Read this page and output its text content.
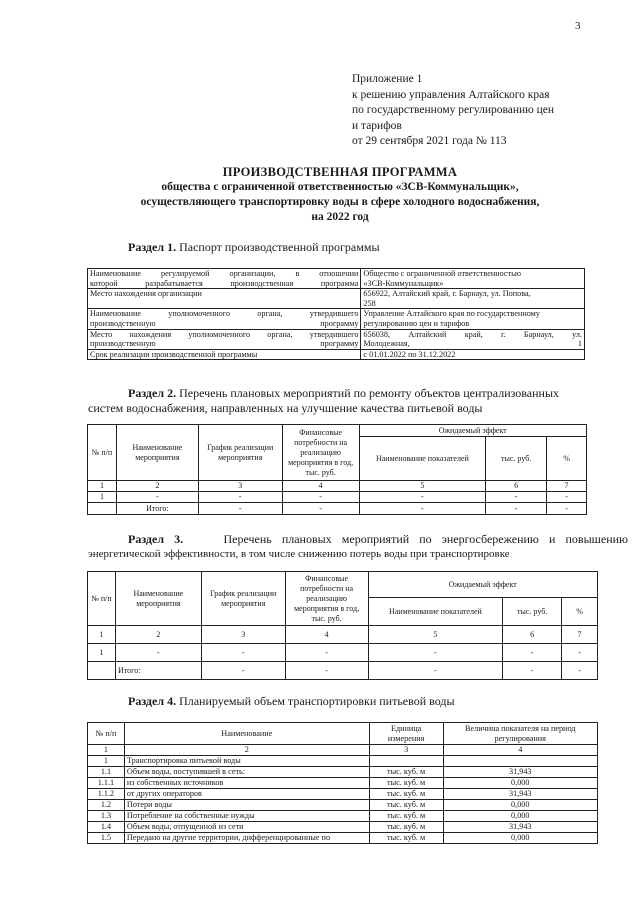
3
Приложение 1
к решению управления Алтайского края
по государственному регулированию цен
и тарифов
от 29 сентября 2021 года № 113
ПРОИЗВОДСТВЕННАЯ ПРОГРАММА
общества с ограниченной ответственностью «ЗСВ-Коммунальщик»,
осуществляющего транспортировку воды в сфере холодного водоснабжения,
на 2022 год
Раздел 1. Паспорт производственной программы
Наименование регулируемой организации, в отношении
которой разрабатывается производственная программа	Общество с ограниченной ответственностью
«ЗСВ-Коммунальщик»
Место нахождения организации	656922, Алтайский край, г. Барнаул, ул. Попова,
258
Наименование уполномоченного органа, утвердившего
производственную программу	Управление Алтайского края по государственному
регулированию цен и тарифов
Место нахождения уполномоченного органа, утвердившего
производственную программу	656038, Алтайский край, г. Барнаул, ул.
Молодежная, 1
Срок реализации производственной программы	с 01.01.2022 по 31.12.2022
Раздел 2. Перечень плановых мероприятий по ремонту объектов централизованных
систем водоснабжения, направленных на улучшение качества питьевой воды
№ п/п	Наименование мероприятия	График реализации мероприятия	Финансовые потребности на реализацию мероприятия в год, тыс. руб.	Ожидаемый эффект		
				Наименование показателей	тыс. руб.	%
1	2	3	4	5	6	7
1	-	-	-	-	-	-
	Итого:	-	-	-	-	-
Раздел 3.	Перечень плановых мероприятий по энергосбережению и повышению
энергетической эффективности, в том числе снижению потерь воды при транспортировке
№ п/п	Наименование мероприятия	График реализации мероприятия	Финансовые потребности на реализацию мероприятия в год, тыс. руб.	Ожидаемый эффект		
				Наименование показателей	тыс. руб.	%
1	2	3	4	5	6	7
1	-	-	-	-	-	-
	Итого:	-	-	-	-	-
Раздел 4. Планируемый объем транспортировки питьевой воды
№ п/п	Наименование	Единица измерения	Величина показателя на период регулирования
1	2	3	4
1	Транспортировка питьевой воды		
1.1	Объем воды, поступившей в сеть:	тыс. куб. м	31,943
1.1.1	из собственных источников	тыс. куб. м	0,000
1.1.2	от других операторов	тыс. куб. м	31,943
1.2	Потери воды	тыс. куб. м	0,000
1.3	Потребление на собственные нужды	тыс. куб. м	0,000
1.4	Объем воды, отпущенной из сети	тыс. куб. м	31,943
1.5	Передано на другие территории, дифференцированные по	тыс. куб. м	0,000
